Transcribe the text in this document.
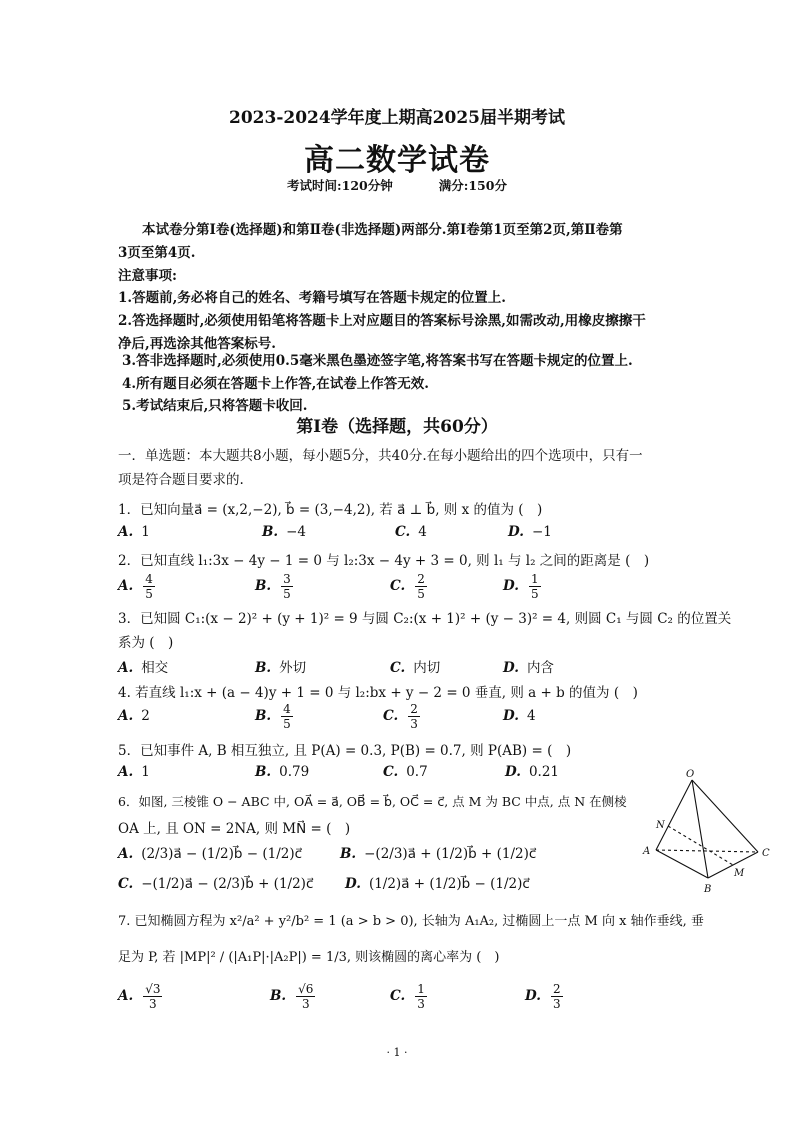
2023-2024学年度上期高2025届半期考试
高二数学试卷
考试时间:120分钟	满分:150分
本试卷分第Ⅰ卷(选择题)和第Ⅱ卷(非选择题)两部分.第Ⅰ卷第1页至第2页,第Ⅱ卷第
3页至第4页.
注意事项:
1.答题前,务必将自己的姓名、考籍号填写在答题卡规定的位置上.
2.答选择题时,必须使用铅笔将答题卡上对应题目的答案标号涂黑,如需改动,用橡皮擦擦干
净后,再选涂其他答案标号.
3.答非选择题时,必须使用0.5毫米黑色墨迹签字笔,将答案书写在答题卡规定的位置上.
4.所有题目必须在答题卡上作答,在试卷上作答无效.
5.考试结束后,只将答题卡收回.
第Ⅰ卷（选择题，共60分）
一．单选题：本大题共8小题，每小题5分，共40分.在每小题给出的四个选项中，只有一
项是符合题目要求的.
1．已知向量a⃗ = (x,2,−2), b⃗ = (3,−4,2), 若 a⃗ ⊥ b⃗, 则 x 的值为 (　)
A. 1	B. −4	C. 4	D. −1
2．已知直线 l₁:3x − 4y − 1 = 0 与 l₂:3x − 4y + 3 = 0, 则 l₁ 与 l₂ 之间的距离是 (　)
A. $\frac{4}{5}$	B. $\frac{3}{5}$	C. $\frac{2}{5}$	D. $\frac{1}{5}$
3．已知圆 C₁:(x − 2)² + (y + 1)² = 9 与圆 C₂:(x + 1)² + (y − 3)² = 4, 则圆 C₁ 与圆 C₂ 的位置关
系为 (　)
A. 相交	B. 外切	C. 内切	D. 内含
4. 若直线 l₁:x + (a − 4)y + 1 = 0 与 l₂:bx + y − 2 = 0 垂直, 则 a + b 的值为 (　)
A. 2	B. $\frac{4}{5}$	C. $\frac{2}{3}$	D. 4
5．已知事件 A, B 相互独立, 且 P(A) = 0.3, P(B) = 0.7, 则 P(AB) = (　)
A. 1	B. 0.79	C. 0.7	D. 0.21
6．如图, 三棱锥 O − ABC 中, OA⃗ = a⃗, OB⃗ = b⃗, OC⃗ = c⃗, 点 M 为 BC 中点, 点 N 在侧棱
OA 上, 且 ON = 2NA, 则 MN⃗ = (　)
A. (2/3)a⃗ − (1/2)b⃗ − (1/2)c⃗	B. −(2/3)a⃗ + (1/2)b⃗ + (1/2)c⃗
C. −(1/2)a⃗ − (2/3)b⃗ + (1/2)c⃗ D. (1/2)a⃗ + (1/2)b⃗ − (1/2)c⃗
O
A
B
C
M
N
7. 已知椭圆方程为 x²/a² + y²/b² = 1 (a > b > 0), 长轴为 A₁A₂, 过椭圆上一点 M 向 x 轴作垂线, 垂
足为 P, 若 |MP|² / (|A₁P|·|A₂P|) = 1/3, 则该椭圆的离心率为 (　)
A. $\frac{√3}{3}$	B. $\frac{√6}{3}$	C. $\frac{1}{3}$	D. $\frac{2}{3}$
· 1 ·
